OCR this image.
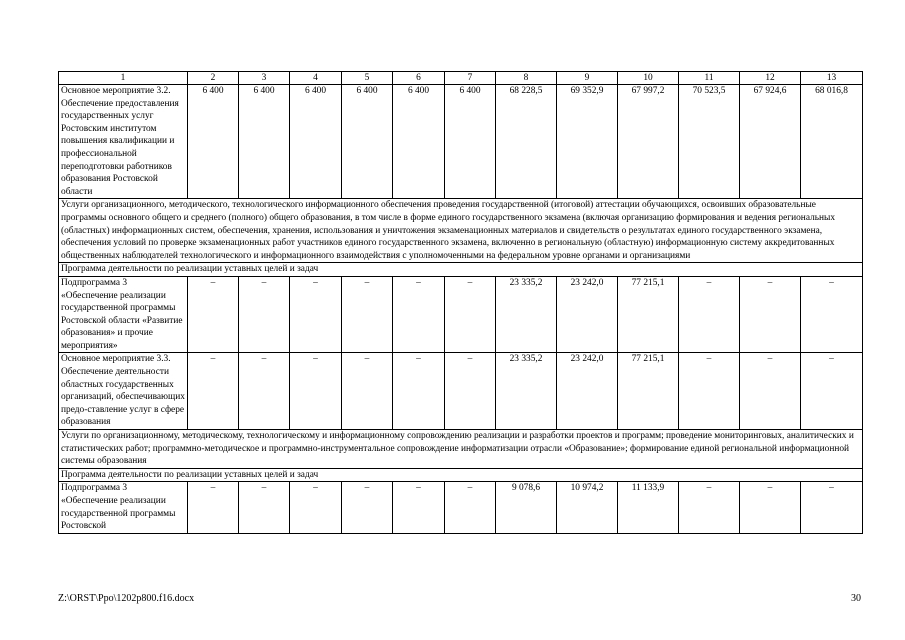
1	2	3	4	5	6	7	8	9	10	11	12	13
Основное мероприятие 3.2. Обеспечение предоставления государственных услуг Ростовским институтом повышения квалификации и профессиональной переподготовки работников образования Ростовской области	6 400	6 400	6 400	6 400	6 400	6 400	68 228,5	69 352,9	67 997,2	70 523,5	67 924,6	68 016,8
Услуги организационного, методического, технологического информационного обеспечения проведения государственной (итоговой) аттестации обучающихся, освоивших образовательные программы основного общего и среднего (полного) общего образования, в том числе в форме единого государственного экзамена (включая организацию формирования и ведения региональных (областных) информационных систем, обеспечения, хранения, использования и уничтожения экзаменационных материалов и свидетельств о результатах единого государственного экзамена, обеспечения условий по проверке экзаменационных работ участников единого государственного экзамена, включенно в региональную (областную) информационную систему аккредитованных общественных наблюдателей технологического и информационного взаимодействия с уполномоченными на федеральном уровне органами и организациями												
Программа деятельности по реализации уставных целей и задач												
Подпрограмма 3 «Обеспечение реализации государственной программы Ростовской области «Развитие образования» и прочие мероприятия»	–	–	–	–	–	–	23 335,2	23 242,0	77 215,1	–	–	–
Основное мероприятие 3.3. Обеспечение деятельности областных государственных организаций, обеспечивающих предо-ставление услуг в сфере образования	–	–	–	–	–	–	23 335,2	23 242,0	77 215,1	–	–	–
Услуги по организационному, методическому, технологическому и информационному сопровождению реализации и разработки проектов и программ; проведение мониторинговых, аналитических и статистических работ; программно-методическое и программно-инструментальное сопровождение информатизации отрасли «Образование»; формирование единой региональной информационной системы образования												
Программа деятельности по реализации уставных целей и задач												
Подпрограмма 3 «Обеспечение реализации государственной программы Ростовской	–	–	–	–	–	–	9 078,6	10 974,2	11 133,9	–	–	–
Z:\ORST\Ppo\1202p800.f16.docx	30
